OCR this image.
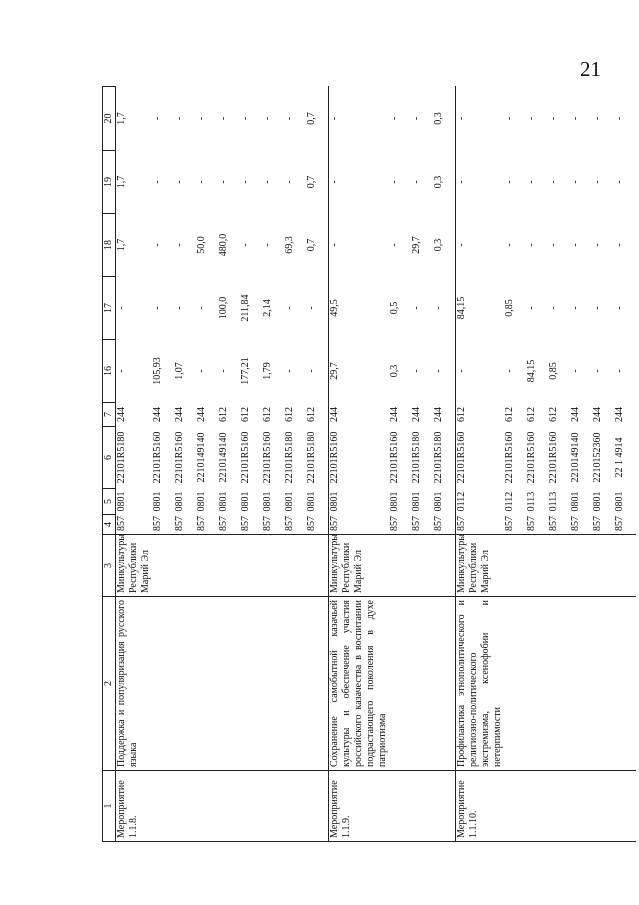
21
1	2	3	4	5	6	7	16	17	18	19	20
Мероприятие 1.1.8.	Поддержка и популяризация русского языка	Минкультуры Республики Марий Эл	857	0801	22101R5180	244	-	-	1,7	1,7	1,7

		857	0801	22101R5160	244	105,93	-	-	-	-

		857	0801	22101R5160	244	1,07	-	-	-	-

		857	0801	2210149140	244	-	-	50,0	-	-

		857	0801	2210149140	612	-	100,0	480,0	-	-

		857	0801	22101R5160	612	177,21	211,84	-	-	-

		857	0801	22101R5160	612	1,79	2,14	-	-	-

		857	0801	22101R5180	612	-	-	69,3	-	-

		857	0801	22101R5180	612	-	-	0,7	0,7	0,7
Мероприятие 1.1.9.	Сохранение самобытной казачьей культуры и обеспечение участия российского казачества в воспитании подрастающего поколения в духе патриотизма	Минкультуры Республики Марий Эл	857	0801	22101R5160	244	29,7	49,5	-	-	-

		857	0801	22101R5160	244	0,3	0,5	-	-	-

		857	0801	22101R5180	244	-	-	29,7	-	-

		857	0801	22101R5180	244	-	-	0,3	0,3	0,3
Мероприятие 1.1.10.	Профилактика этнополитического и религиозно-политического экстремизма, ксенофобии и нетерпимости	Минкультуры Республики Марий Эл	857	0112	22101R5160	612	-	84,15	-	-	-

		857	0112	22101R5160	612	-	0,85	-	-	-

		857	0113	22101R5160	612	84,15	-	-	-	-

		857	0113	22101R5160	612	0,85	-	-	-	-

		857	0801	2210149140	244	-	-	-	-	-

		857	0801	2210152360	244	-	-	-	-	-

		857	0801	22 1 4914	244	-	-	-	-	-
